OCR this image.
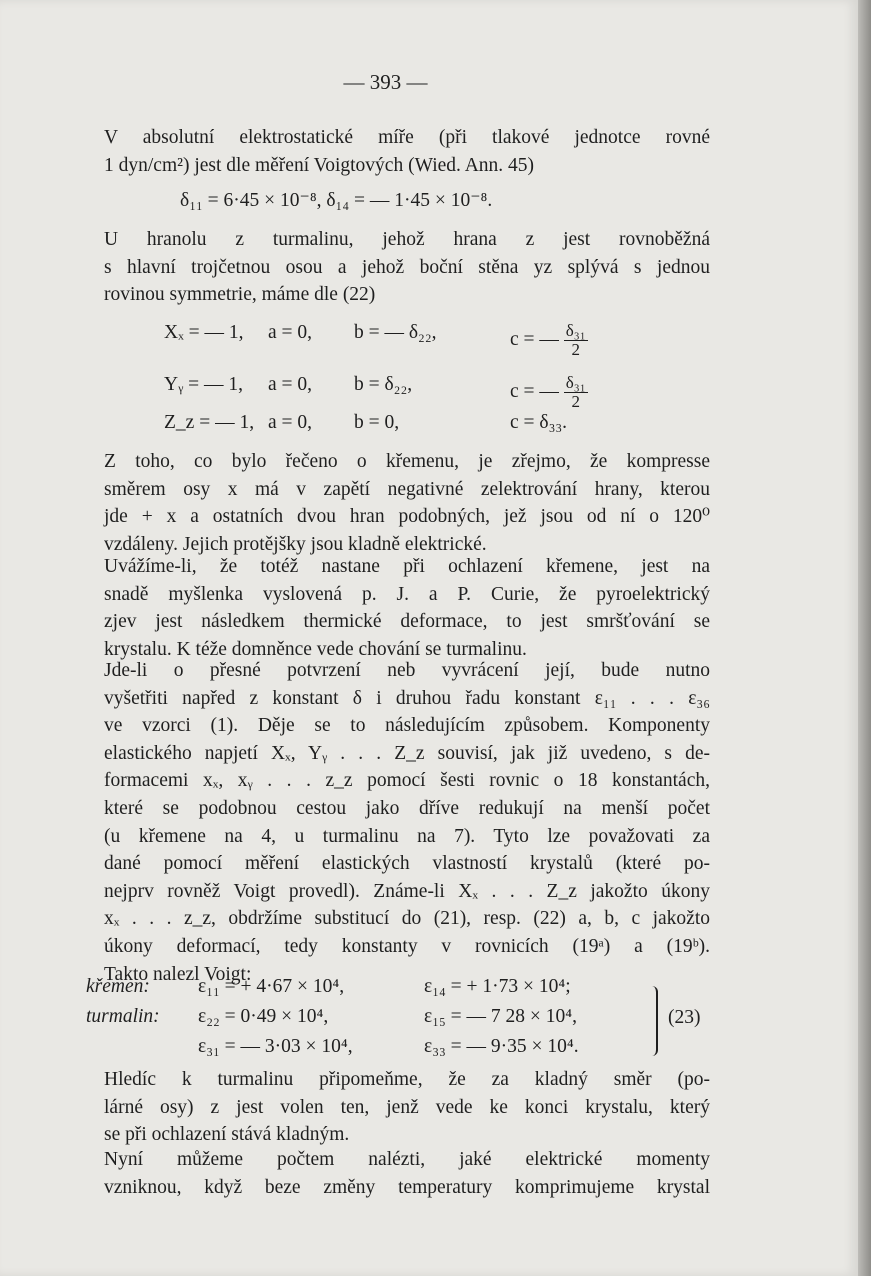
— 393 —

V absolutní elektrostatické míře (při tlakové jednotce rovné
1 dyn/cm²) jest dle měření Voigtových (Wied. Ann. 45)

δ₁₁ = 6·45 × 10⁻⁸, δ₁₄ = — 1·45 × 10⁻⁸.

U hranolu z turmalinu, jehož hrana z jest rovnoběžná
s hlavní trojčetnou osou a jehož boční stěna yz splývá s jednou
rovinou symmetrie, máme dle (22)

Xₓ = — 1, a = 0, b = — δ₂₂,	c = — $\frac{\text{δ₃₁}}{2}$
Yᵧ = — 1, a = 0, b = δ₂₂,	c = — $\frac{\text{δ₃₁}}{2}$
Z_z = — 1, a = 0, b = 0,	c = δ₃₃.

Z toho, co bylo řečeno o křemenu, je zřejmo, že kompresse
směrem osy x má v zapětí negativné zelektrování hrany, kterou
jde + x a ostatních dvou hran podobných, jež jsou od ní o 120⁰
vzdáleny. Jejich protějšky jsou kladně elektrické.

Uvážíme-li, že totéž nastane při ochlazení křemene, jest na
snadě myšlenka vyslovená p. J. a P. Curie, že pyroelektrický
zjev jest následkem thermické deformace, to jest smršťování se
krystalu. K téže domněnce vede chování se turmalinu.

Jde-li o přesné potvrzení neb vyvrácení její, bude nutno
vyšetřiti napřed z konstant δ i druhou řadu konstant ε₁₁ . . . ε₃₆
ve vzorci (1). Děje se to následujícím způsobem. Komponenty
elastického napjetí Xₓ, Yᵧ . . . Z_z souvisí, jak již uvedeno, s de-
formacemi xₓ, xᵧ . . . z_z pomocí šesti rovnic o 18 konstantách,
které se podobnou cestou jako dříve redukují na menší počet
(u křemene na 4, u turmalinu na 7). Tyto lze považovati za
dané pomocí měření elastických vlastností krystalů (které po-
nejprv rovněž Voigt provedl). Známe-li Xₓ . . . Z_z jakožto úkony
xₓ . . . z_z, obdržíme substitucí do (21), resp. (22) a, b, c jakožto
úkony deformací, tedy konstanty v rovnicích (19ᵃ) a (19ᵇ).
Takto nalezl Voigt:

křemen: ε₁₁ = + 4·67 × 10⁴,	ε₁₄ = + 1·73 × 10⁴;
turmalin: ε₂₂ = 0·49 × 10⁴,	ε₁₅ = — 7 28 × 10⁴,
ε₃₁ = — 3·03 × 10⁴,	ε₃₃ = — 9·35 × 10⁴.
(23)

Hledíc k turmalinu připomeňme, že za kladný směr (po-
lárné osy) z jest volen ten, jenž vede ke konci krystalu, který
se při ochlazení stává kladným.

Nyní můžeme počtem nalézti, jaké elektrické momenty
vzniknou, když beze změny temperatury komprimujeme krystal
